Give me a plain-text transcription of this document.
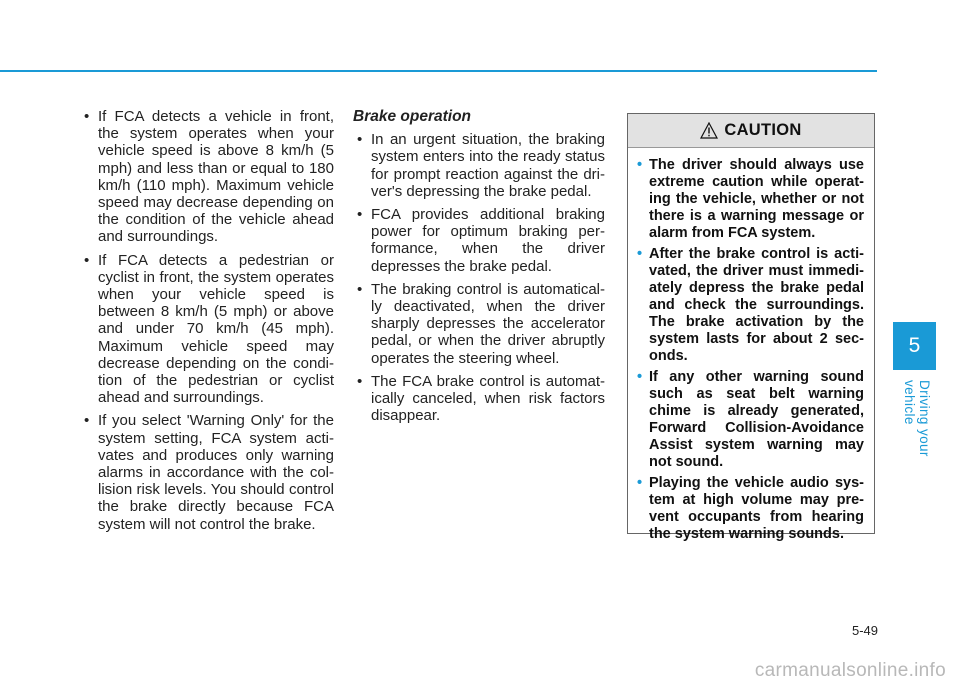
• If FCA detects a vehicle in front, the system operates when your vehicle speed is above 8 km/h (5 mph) and less than or equal to 180 km/h (110 mph). Maximum vehicle speed may decrease depending on the condition of the vehicle ahead and surroundings.
• If FCA detects a pedestrian or cyclist in front, the system operates when your vehicle speed is between 8 km/h (5 mph) or above and under 70 km/h (45 mph). Maximum vehicle speed may decrease depending on the condi-tion of the pedestrian or cyclist ahead and surroundings.
• If you select 'Warning Only' for the system setting, FCA system acti-vates and produces only warning alarms in accordance with the col-lision risk levels. You should control the brake directly because FCA system will not control the brake.
Brake operation
• In an urgent situation, the braking system enters into the ready status for prompt reaction against the dri-ver's depressing the brake pedal.
• FCA provides additional braking power for optimum braking per-formance, when the driver depresses the brake pedal.
• The braking control is automatical-ly deactivated, when the driver sharply depresses the accelerator pedal, or when the driver abruptly operates the steering wheel.
• The FCA brake control is automat-ically canceled, when risk factors disappear.
CAUTION
• The driver should always use extreme caution while operat-ing the vehicle, whether or not there is a warning message or alarm from FCA system.
• After the brake control is acti-vated, the driver must immedi-ately depress the brake pedal and check the surroundings. The brake activation by the system lasts for about 2 sec-onds.
• If any other warning sound such as seat belt warning chime is already generated, Forward Collision-Avoidance Assist system warning may not sound.
• Playing the vehicle audio sys-tem at high volume may pre-vent occupants from hearing the system warning sounds.
5
Driving your vehicle
5-49
carmanualsonline.info
